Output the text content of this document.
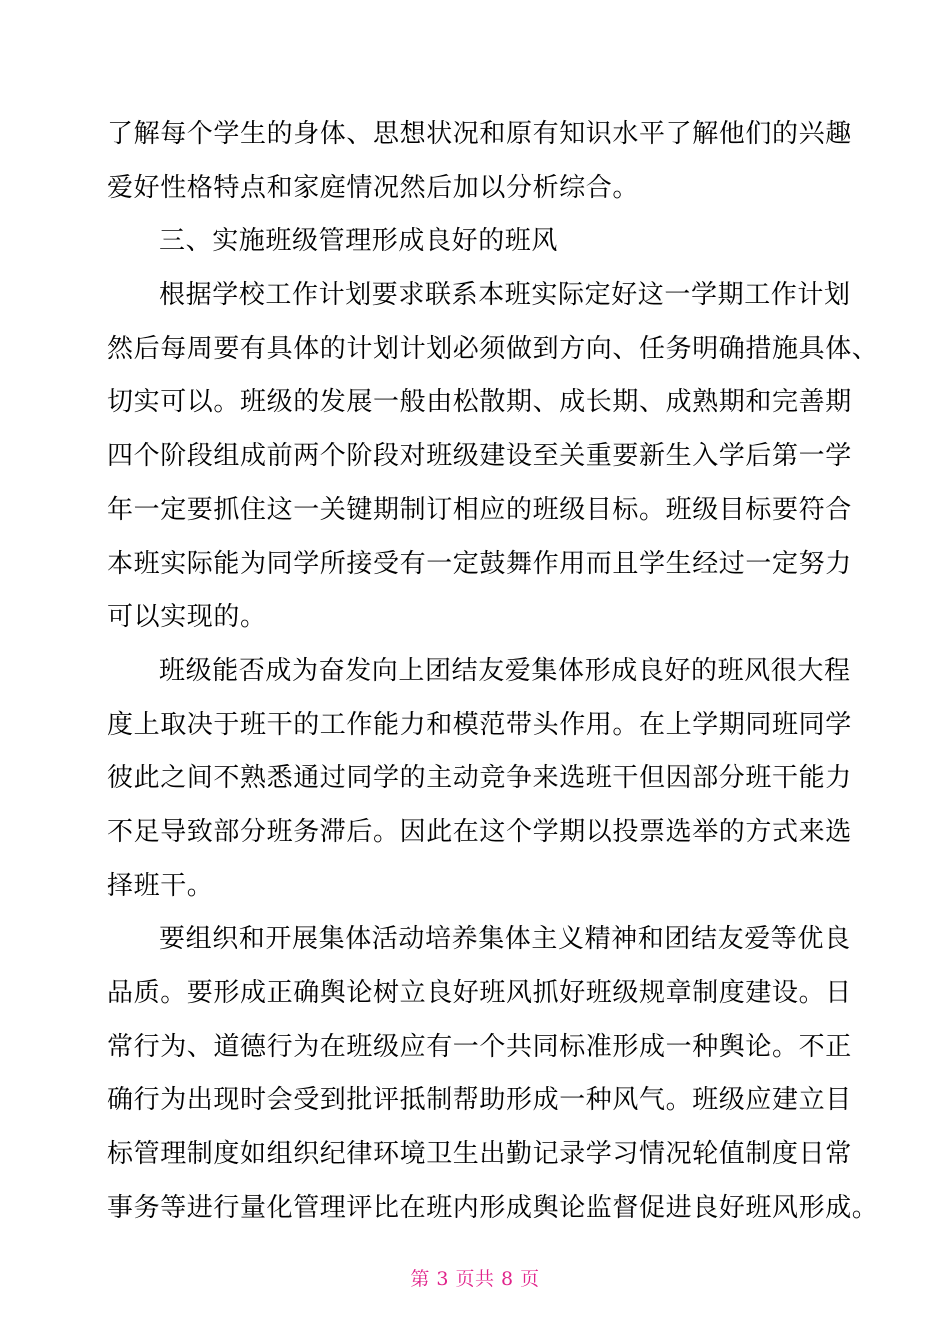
了解每个学生的身体、思想状况和原有知识水平了解他们的兴趣
爱好性格特点和家庭情况然后加以分析综合。
三、实施班级管理形成良好的班风
根据学校工作计划要求联系本班实际定好这一学期工作计划
然后每周要有具体的计划计划必须做到方向、任务明确措施具体、
切实可以。班级的发展一般由松散期、成长期、成熟期和完善期
四个阶段组成前两个阶段对班级建设至关重要新生入学后第一学
年一定要抓住这一关键期制订相应的班级目标。班级目标要符合
本班实际能为同学所接受有一定鼓舞作用而且学生经过一定努力
可以实现的。
班级能否成为奋发向上团结友爱集体形成良好的班风很大程
度上取决于班干的工作能力和模范带头作用。在上学期同班同学
彼此之间不熟悉通过同学的主动竞争来选班干但因部分班干能力
不足导致部分班务滞后。因此在这个学期以投票选举的方式来选
择班干。
要组织和开展集体活动培养集体主义精神和团结友爱等优良
品质。要形成正确舆论树立良好班风抓好班级规章制度建设。日
常行为、道德行为在班级应有一个共同标准形成一种舆论。不正
确行为出现时会受到批评抵制帮助形成一种风气。班级应建立目
标管理制度如组织纪律环境卫生出勤记录学习情况轮值制度日常
事务等进行量化管理评比在班内形成舆论监督促进良好班风形成。
第 3 页共 8 页
